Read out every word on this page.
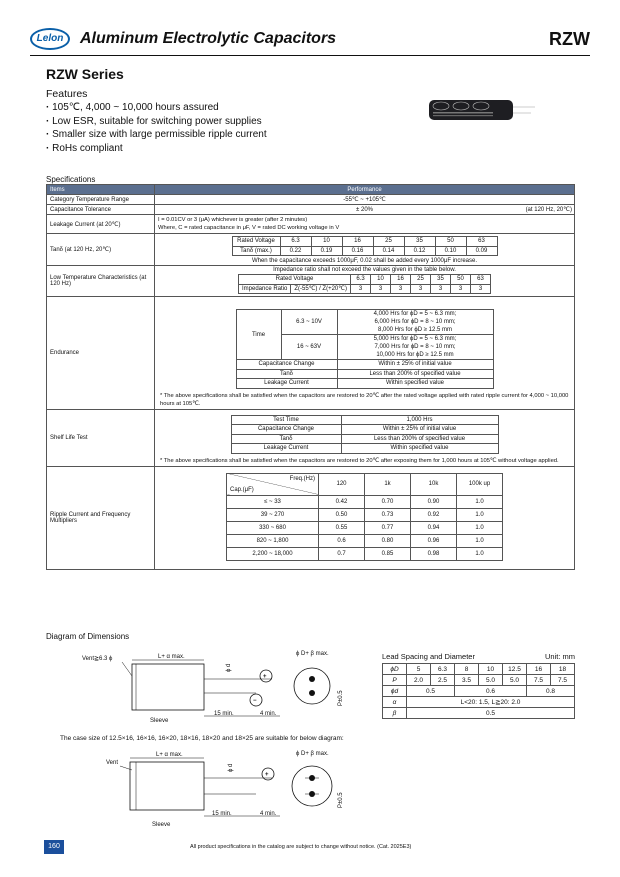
Lelon	Aluminum Electrolytic Capacitors	RZW
RZW Series
Features
· 105℃, 4,000 ~ 10,000 hours assured
· Low ESR, suitable for switching power supplies
· Smaller size with large permissible ripple current
· RoHs compliant
Specifications
Items	Performance
Category Temperature Range	-55℃ ~ +105℃
Capacitance Tolerance	± 20%	(at 120 Hz, 20℃)

Leakage Current (at 20℃)	
I = 0.01CV or 3 (μA) whichever is greater (after 2 minutes)
Where, C = rated capacitance in μF, V = rated DC working voltage in V

Tanδ (at 120 Hz, 20℃)	
Rated Voltage	6.3	10	16	25	35	50	63
Tanδ (max.)	0.22	0.19	0.16	0.14	0.12	0.10	0.09
When the capacitance exceeds 1000μF, 0.02 shall be added every 1000μF increase.

Low Temperature Characteristics (at 120 Hz)	
Impedance ratio shall not exceed the values given in the table below.
Rated Voltage	6.3	10	16	25	35	50	63
Impedance Ratio	Z(-55℃) / Z(+20℃)	3	3	3	3	3	3	3

Endurance	
Time	6.3 ~ 10V	
4,000 Hrs for ϕD = 5 ~ 6.3 mm;
6,000 Hrs for ϕD = 8 ~ 10 mm;
8,000 Hrs for ϕD ≥ 12.5 mm

16 ~ 63V	
5,000 Hrs for ϕD = 5 ~ 6.3 mm;
7,000 Hrs for ϕD = 8 ~ 10 mm;
10,000 Hrs for ϕD ≥ 12.5 mm

Capacitance Change	Within ± 25% of initial value
Tanδ	Less than 200% of specified value
Leakage Current	Within specified value
* The above specifications shall be satisfied when the capacitors are restored to 20℃ after the rated voltage applied with rated ripple current for 4,000 ~ 10,000 hours at 105℃.

Shelf Life Test	
Test Time	1,000 Hrs
Capacitance Change	Within ± 25% of initial value
Tanδ	Less than 200% of specified value
Leakage Current	Within specified value
* The above specifications shall be satisfied when the capacitors are restored to 20℃ after exposing them for 1,000 hours at 105℃ without voltage applied.

Ripple Current and Frequency Multipliers	
Freq.(Hz)
Cap.(μF)
	120	1k	10k	100k up
≤ ~ 33	0.42	0.70	0.90	1.0
39 ~ 270	0.50	0.73	0.92	1.0
330 ~ 680	0.55	0.77	0.94	1.0
820 ~ 1,800	0.6	0.80	0.96	1.0
2,200 ~ 18,000	0.7	0.85	0.98	1.0
Diagram of Dimensions
Vent≧6.3 ϕ	L+ α max.
ϕ d
15 min.	4 min.
Sleeve
+
−
ϕ D+ β max.
P±0.5
Lead Spacing and Diameter	Unit: mm
ϕD	5	6.3	8	10	12.5	16	18
P	2.0	2.5	3.5	5.0	5.0	7.5	7.5
ϕd	0.5		0.6			0.8	
α	L<20: 1.5, L≧20: 2.0						
β	0.5						
The case size of 12.5×16, 16×16, 16×20, 18×16, 18×20 and 18×25 are suitable for below diagram:
Vent
L+ α max.
ϕ d
15 min.	4 min.
Sleeve
+
ϕ D+ β max.
P±0.5
160	All product specifications in the catalog are subject to change without notice. (Cat. 2025E3)
